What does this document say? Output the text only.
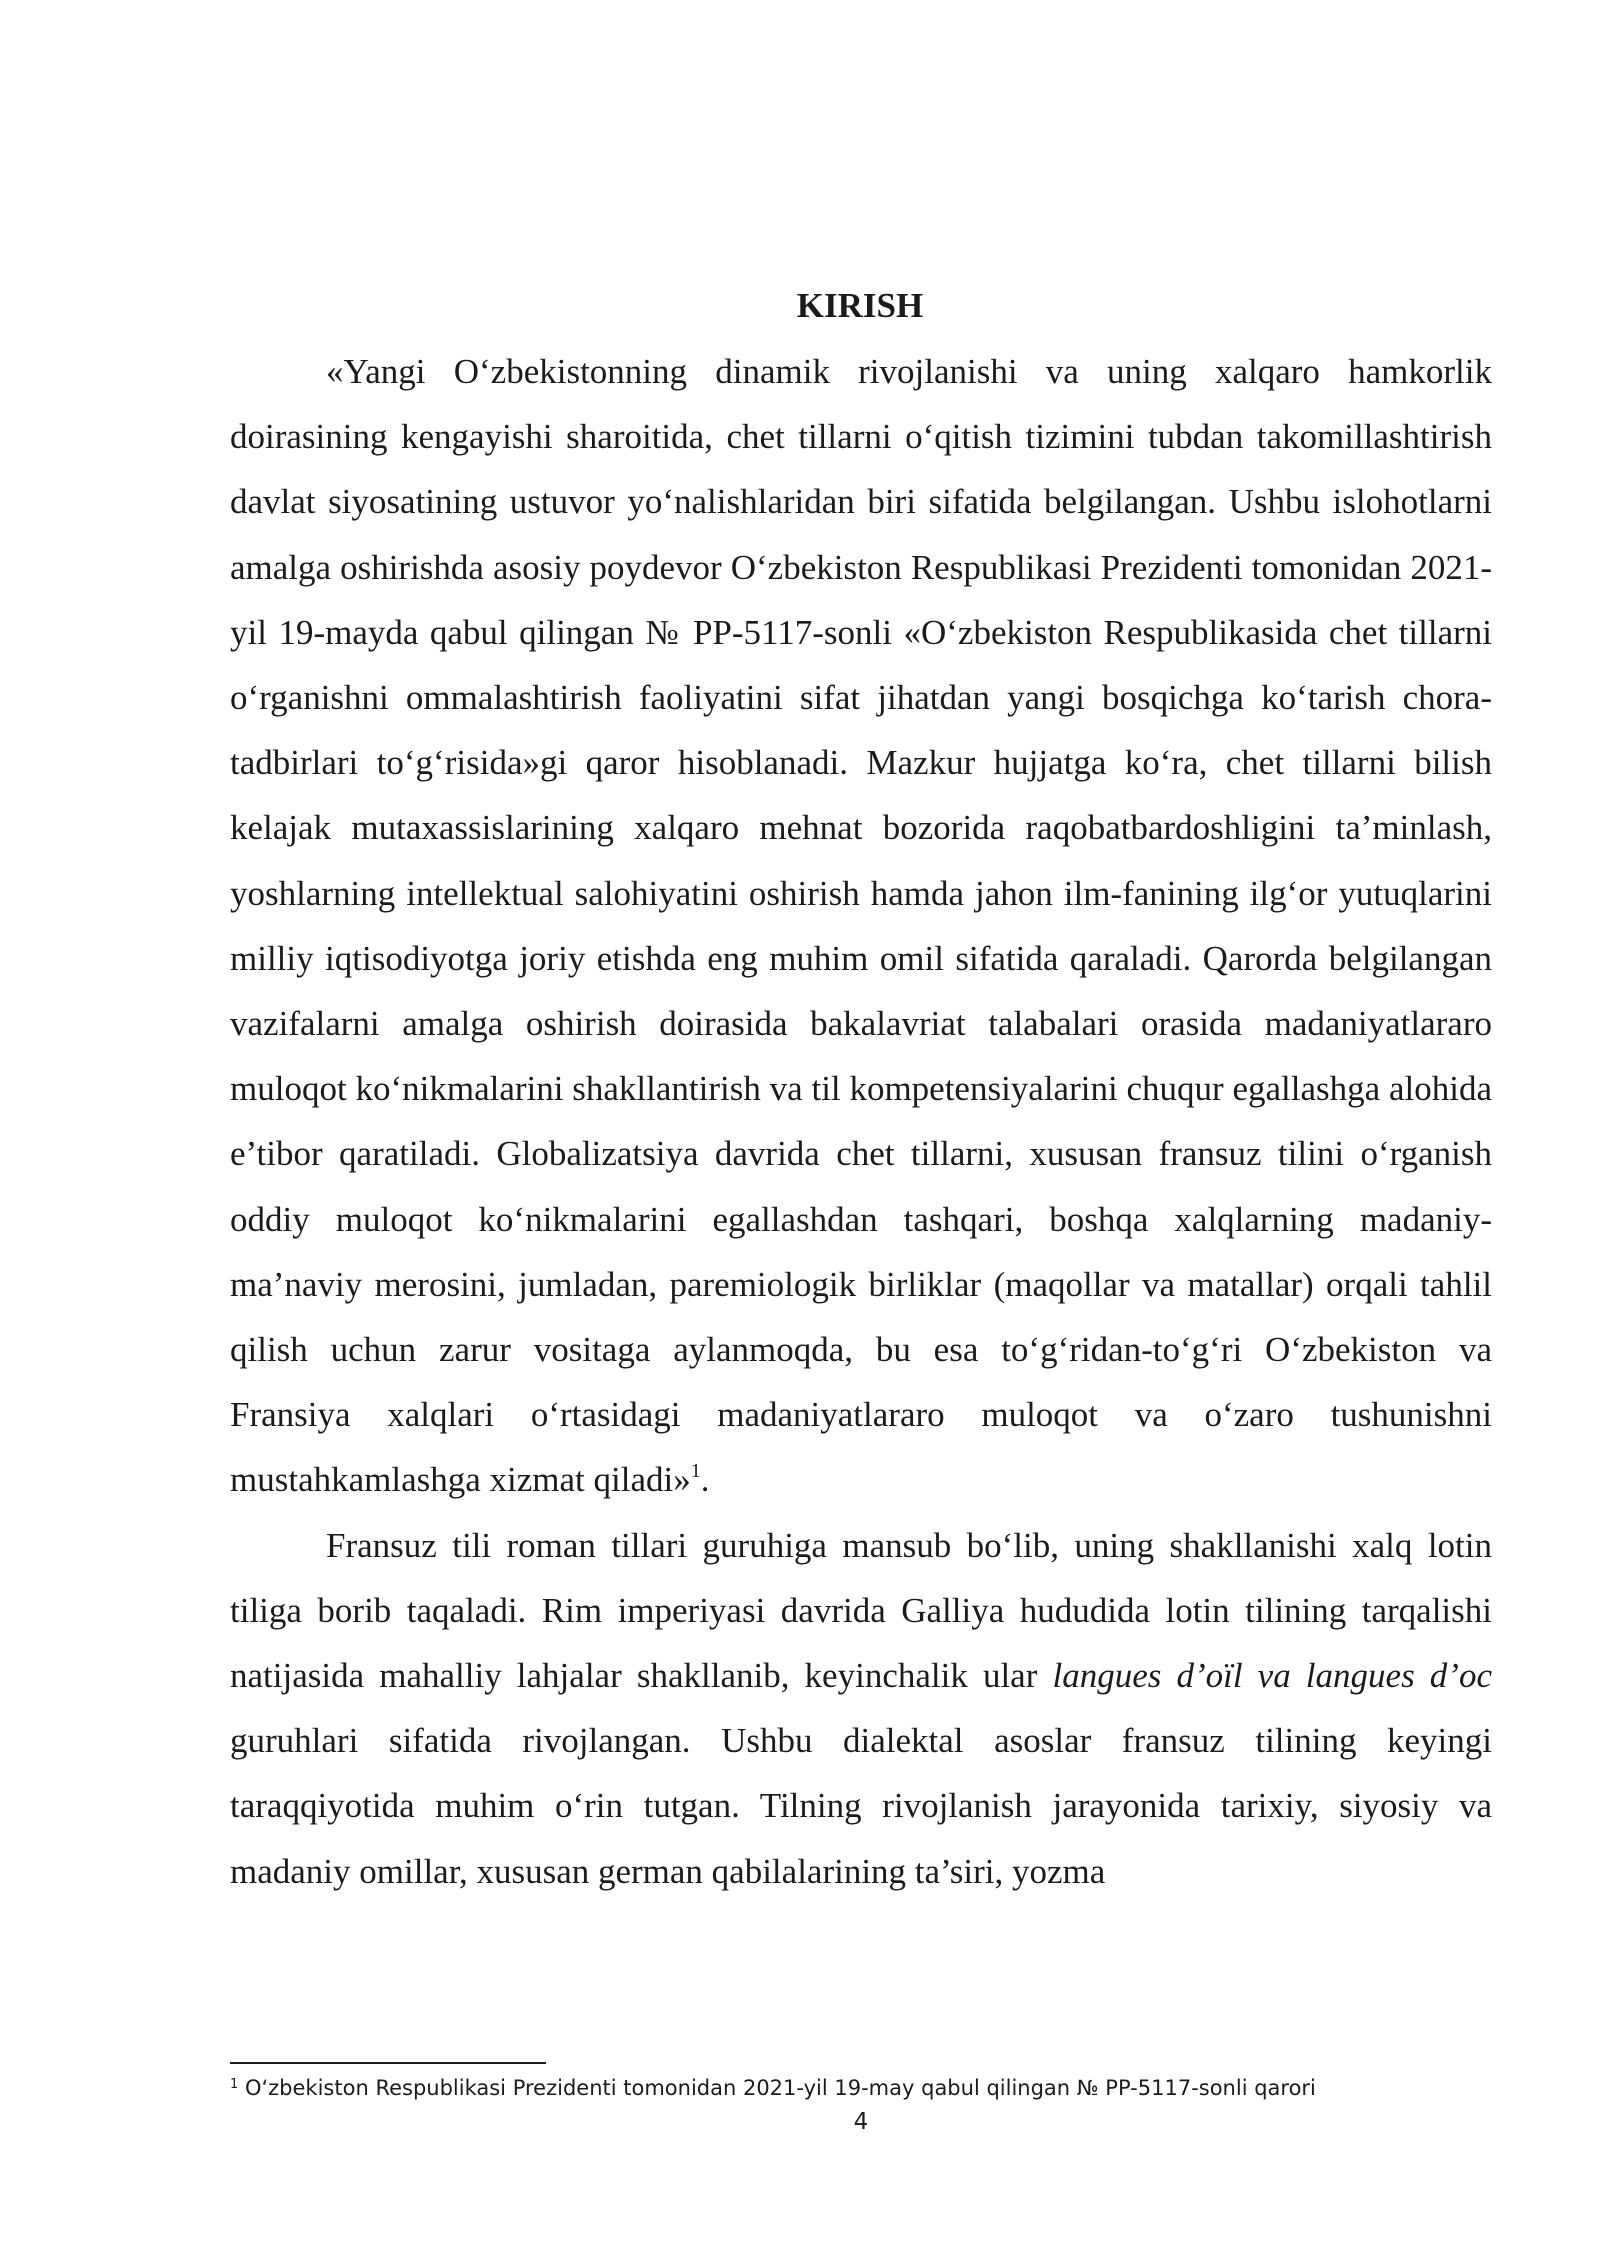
KIRISH

«Yangi O‘zbekistonning dinamik rivojlanishi va uning xalqaro hamkorlik doirasining kengayishi sharoitida, chet tillarni o‘qitish tizimini tubdan takomillashtirish davlat siyosatining ustuvor yo‘nalishlaridan biri sifatida belgilangan. Ushbu islohotlarni amalga oshirishda asosiy poydevor O‘zbekiston Respublikasi Prezidenti tomonidan 2021-yil 19-mayda qabul qilingan № PP-5117-sonli «O‘zbekiston Respublikasida chet tillarni o‘rganishni ommalashtirish faoliyatini sifat jihatdan yangi bosqichga ko‘tarish chora-tadbirlari to‘g‘risida»gi qaror hisoblanadi. Mazkur hujjatga ko‘ra, chet tillarni bilish kelajak mutaxassislarining xalqaro mehnat bozorida raqobatbardoshligini ta’minlash, yoshlarning intellektual salohiyatini oshirish hamda jahon ilm-fanining ilg‘or yutuqlarini milliy iqtisodiyotga joriy etishda eng muhim omil sifatida qaraladi. Qarorda belgilangan vazifalarni amalga oshirish doirasida bakalavriat talabalari orasida madaniyatlararo muloqot ko‘nikmalarini shakllantirish va til kompetensiyalarini chuqur egallashga alohida e’tibor qaratiladi. Globalizatsiya davrida chet tillarni, xususan fransuz tilini o‘rganish oddiy muloqot ko‘nikmalarini egallashdan tashqari, boshqa xalqlarning madaniy-ma’naviy merosini, jumladan, paremiologik birliklar (maqollar va matallar) orqali tahlil qilish uchun zarur vositaga aylanmoqda, bu esa to‘g‘ridan-to‘g‘ri O‘zbekiston va Fransiya xalqlari o‘rtasidagi madaniyatlararo muloqot va o‘zaro tushunishni mustahkamlashga xizmat qiladi»$^1$.

Fransuz tili roman tillari guruhiga mansub bo‘lib, uning shakllanishi xalq lotin tiliga borib taqaladi. Rim imperiyasi davrida Galliya hududida lotin tilining tarqalishi natijasida mahalliy lahjalar shakllanib, keyinchalik ular langues d’oïl va langues d’oc guruhlari sifatida rivojlangan. Ushbu dialektal asoslar fransuz tilining keyingi taraqqiyotida muhim o‘rin tutgan. Tilning rivojlanish jarayonida tarixiy, siyosiy va madaniy omillar, xususan german qabilalarining ta’siri, yozma

$^1$ O‘zbekiston Respublikasi Prezidenti tomonidan 2021-yil 19-may qabul qilingan № PP-5117-sonli qarori

4
